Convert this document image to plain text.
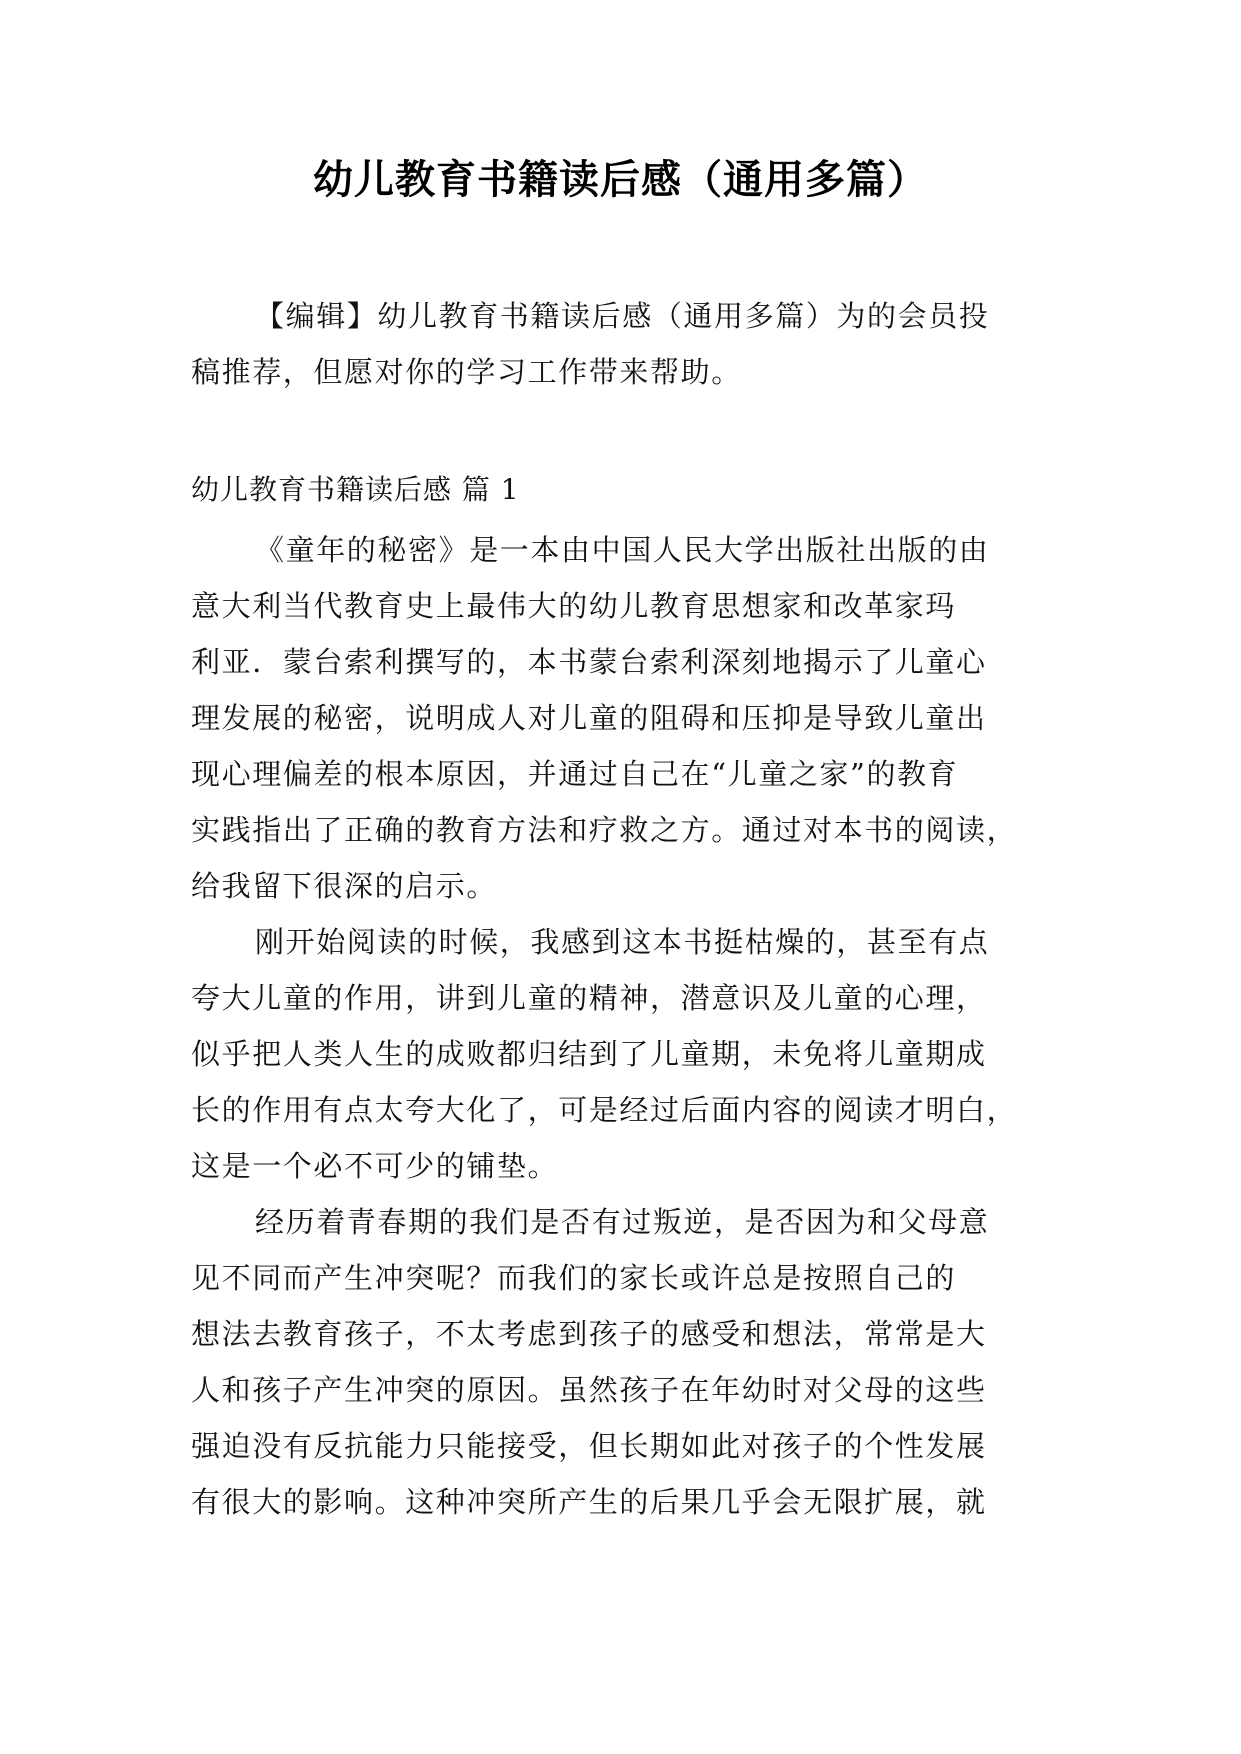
幼儿教育书籍读后感（通用多篇）
【编辑】幼儿教育书籍读后感（通用多篇）为的会员投
稿推荐，但愿对你的学习工作带来帮助。
幼儿教育书籍读后感 篇 1
《童年的秘密》是一本由中国人民大学出版社出版的由
意大利当代教育史上最伟大的幼儿教育思想家和改革家玛
利亚．蒙台索利撰写的，本书蒙台索利深刻地揭示了儿童心
理发展的秘密，说明成人对儿童的阻碍和压抑是导致儿童出
现心理偏差的根本原因，并通过自己在“儿童之家”的教育
实践指出了正确的教育方法和疗救之方。通过对本书的阅读，
给我留下很深的启示。
刚开始阅读的时候，我感到这本书挺枯燥的，甚至有点
夸大儿童的作用，讲到儿童的精神，潜意识及儿童的心理，
似乎把人类人生的成败都归结到了儿童期，未免将儿童期成
长的作用有点太夸大化了，可是经过后面内容的阅读才明白，
这是一个必不可少的铺垫。
经历着青春期的我们是否有过叛逆，是否因为和父母意
见不同而产生冲突呢？而我们的家长或许总是按照自己的
想法去教育孩子，不太考虑到孩子的感受和想法，常常是大
人和孩子产生冲突的原因。虽然孩子在年幼时对父母的这些
强迫没有反抗能力只能接受，但长期如此对孩子的个性发展
有很大的影响。这种冲突所产生的后果几乎会无限扩展，就
